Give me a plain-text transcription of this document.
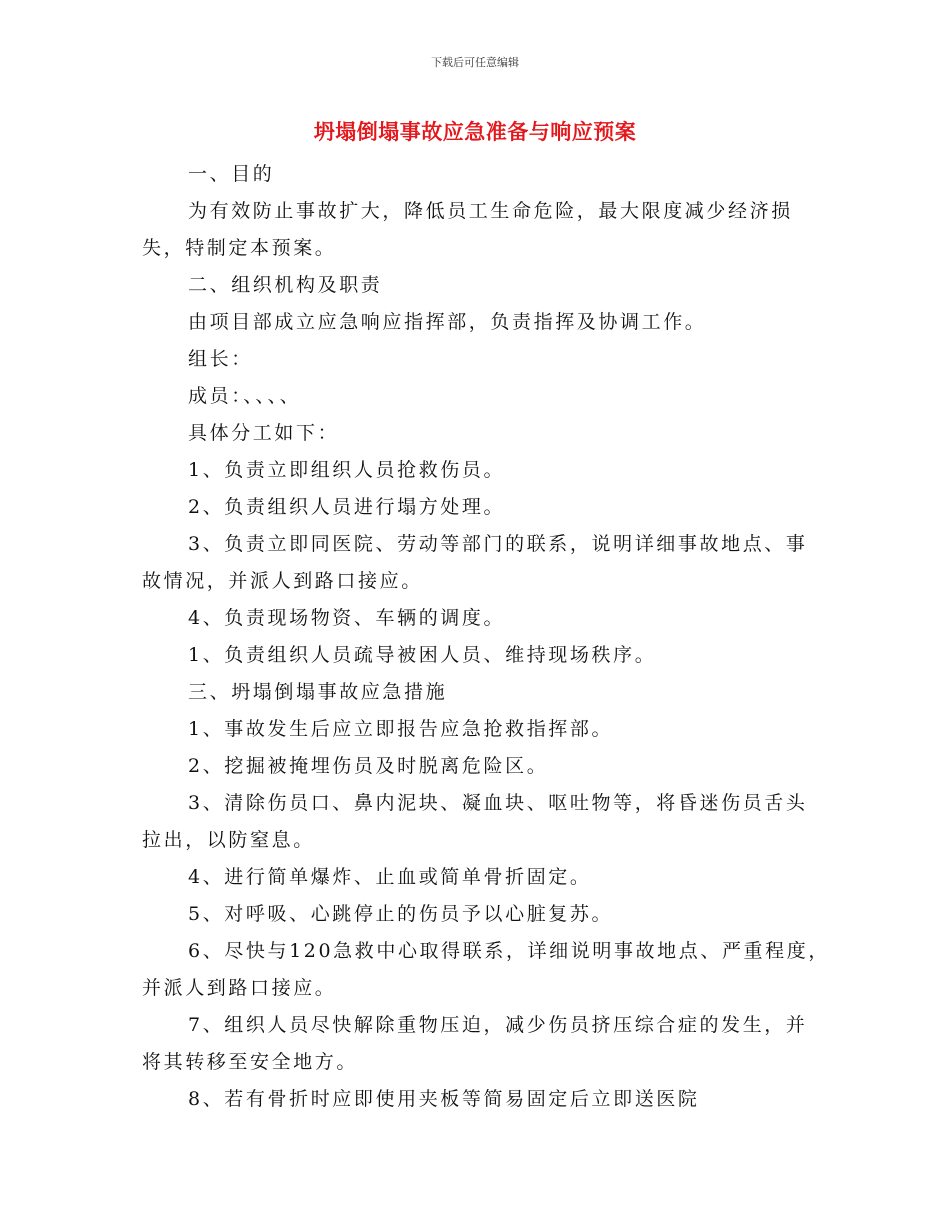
下载后可任意编辑
坍塌倒塌事故应急准备与响应预案
一、目的
为有效防止事故扩大，降低员工生命危险，最大限度减少经济损
失，特制定本预案。
二、组织机构及职责
由项目部成立应急响应指挥部，负责指挥及协调工作。
组长：
成员：、、、、
具体分工如下：
1、负责立即组织人员抢救伤员。
2、负责组织人员进行塌方处理。
3、负责立即同医院、劳动等部门的联系，说明详细事故地点、事
故情况，并派人到路口接应。
4、负责现场物资、车辆的调度。
1、负责组织人员疏导被困人员、维持现场秩序。
三、坍塌倒塌事故应急措施
1、事故发生后应立即报告应急抢救指挥部。
2、挖掘被掩埋伤员及时脱离危险区。
3、清除伤员口、鼻内泥块、凝血块、呕吐物等，将昏迷伤员舌头
拉出，以防窒息。
4、进行简单爆炸、止血或简单骨折固定。
5、对呼吸、心跳停止的伤员予以心脏复苏。
6、尽快与120急救中心取得联系，详细说明事故地点、严重程度，
并派人到路口接应。
7、组织人员尽快解除重物压迫，减少伤员挤压综合症的发生，并
将其转移至安全地方。
8、若有骨折时应即使用夹板等简易固定后立即送医院
